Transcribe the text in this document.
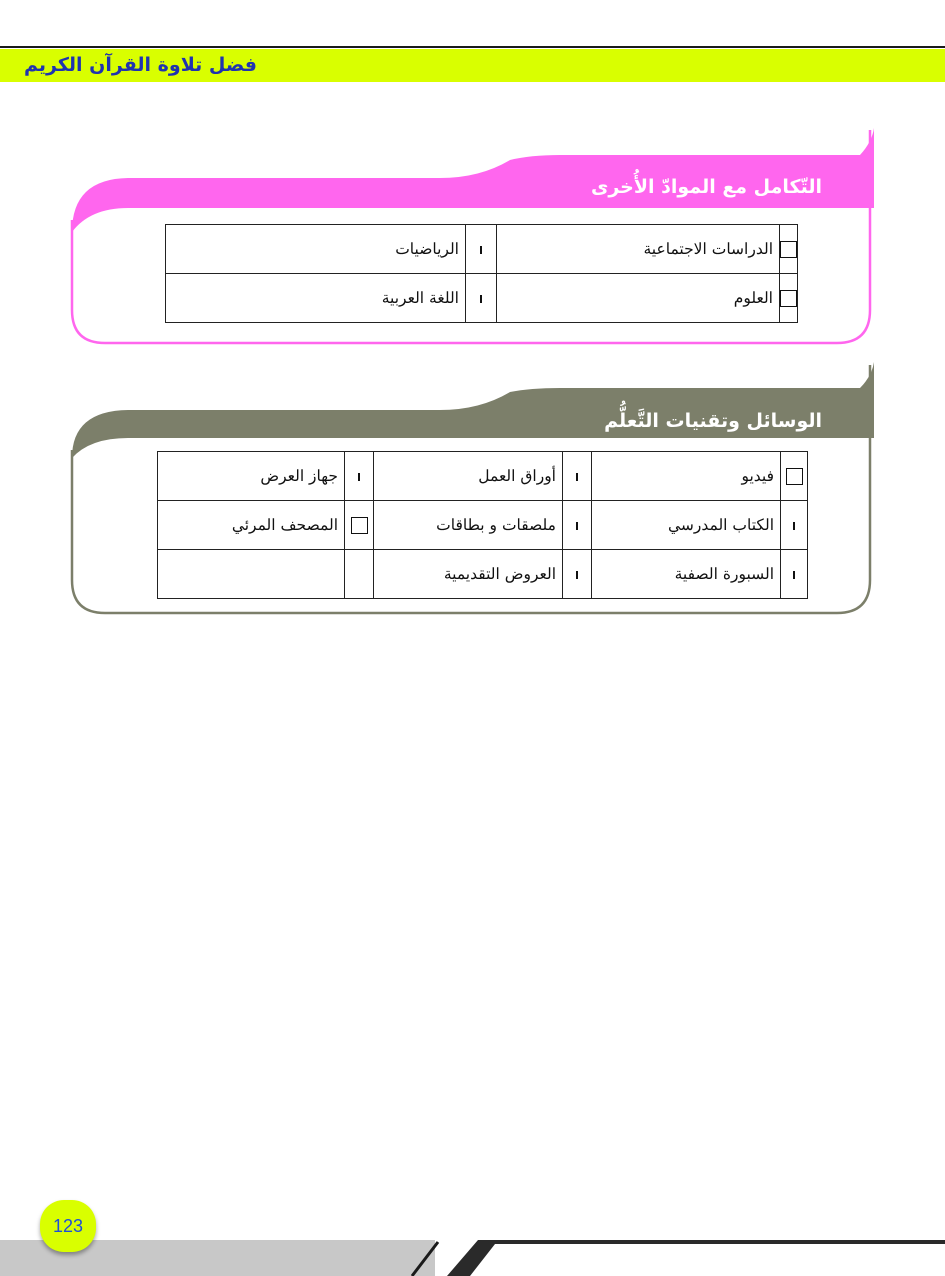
فضل تلاوة القرآن الكريم
التّكامل مع الموادّ الأُخرى
الوسائل وتقنيات التَّعلُّم
	الدراسات الاجتماعية		الرياضيات
	العلوم		اللغة العربية
	فيديو		أوراق العمل		جهاز العرض
	الكتاب المدرسي		ملصقات و بطاقات		المصحف المرئي
	السبورة الصفية		العروض التقديمية		
123
